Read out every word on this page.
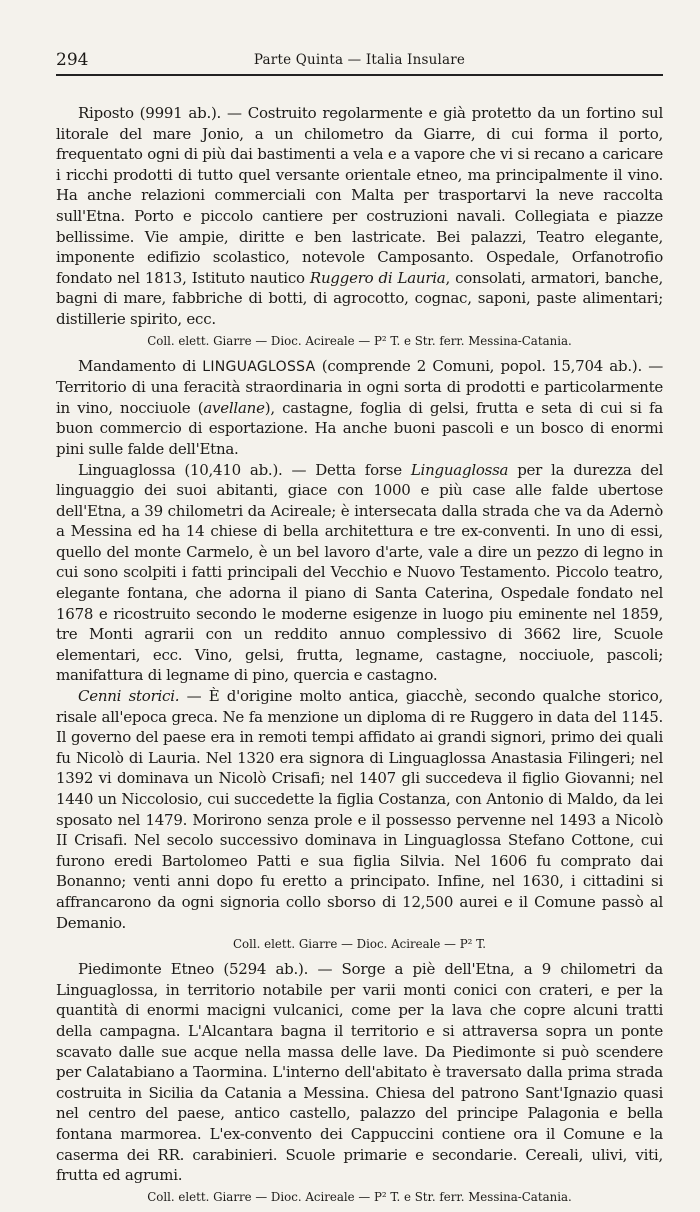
294	Parte Quinta — Italia Insulare

Riposto (9991 ab.). — Costruito regolarmente e già protetto da un fortino sul litorale del mare Jonio, a un chilometro da Giarre, di cui forma il porto, frequentato ogni di più dai bastimenti a vela e a vapore che vi si recano a caricare i ricchi prodotti di tutto quel versante orientale etneo, ma principalmente il vino. Ha anche relazioni commerciali con Malta per trasportarvi la neve raccolta sull'Etna. Porto e piccolo cantiere per costruzioni navali. Collegiata e piazze bellissime. Vie ampie, diritte e ben lastricate. Bei palazzi, Teatro elegante, imponente edifizio scolastico, notevole Camposanto. Ospedale, Orfanotrofio fondato nel 1813, Istituto nautico Ruggero di Lauria, consolati, armatori, banche, bagni di mare, fabbriche di botti, di agrocotto, cognac, saponi, paste alimentari; distillerie spirito, ecc.

Coll. elett. Giarre — Dioc. Acireale — P² T. e Str. ferr. Messina-Catania.

Mandamento di LINGUAGLOSSA (comprende 2 Comuni, popol. 15,704 ab.). — Territorio di una feracità straordinaria in ogni sorta di prodotti e particolarmente in vino, nocciuole (avellane), castagne, foglia di gelsi, frutta e seta di cui si fa buon commercio di esportazione. Ha anche buoni pascoli e un bosco di enormi pini sulle falde dell'Etna.

Linguaglossa (10,410 ab.). — Detta forse Linguaglossa per la durezza del linguaggio dei suoi abitanti, giace con 1000 e più case alle falde ubertose dell'Etna, a 39 chilometri da Acireale; è intersecata dalla strada che va da Adernò a Messina ed ha 14 chiese di bella architettura e tre ex-conventi. In uno di essi, quello del monte Carmelo, è un bel lavoro d'arte, vale a dire un pezzo di legno in cui sono scolpiti i fatti principali del Vecchio e Nuovo Testamento. Piccolo teatro, elegante fontana, che adorna il piano di Santa Caterina, Ospedale fondato nel 1678 e ricostruito secondo le moderne esigenze in luogo piu eminente nel 1859, tre Monti agrarii con un reddito annuo complessivo di 3662 lire, Scuole elementari, ecc. Vino, gelsi, frutta, legname, castagne, nocciuole, pascoli; manifattura di legname di pino, quercia e castagno.

Cenni storici. — È d'origine molto antica, giacchè, secondo qualche storico, risale all'epoca greca. Ne fa menzione un diploma di re Ruggero in data del 1145. Il governo del paese era in remoti tempi affidato ai grandi signori, primo dei quali fu Nicolò di Lauria. Nel 1320 era signora di Linguaglossa Anastasia Filingeri; nel 1392 vi dominava un Nicolò Crisafi; nel 1407 gli succedeva il figlio Giovanni; nel 1440 un Niccolosio, cui succedette la figlia Costanza, con Antonio di Maldo, da lei sposato nel 1479. Morirono senza prole e il possesso pervenne nel 1493 a Nicolò II Crisafi. Nel secolo successivo dominava in Linguaglossa Stefano Cottone, cui furono eredi Bartolomeo Patti e sua figlia Silvia. Nel 1606 fu comprato dai Bonanno; venti anni dopo fu eretto a principato. Infine, nel 1630, i cittadini si affrancarono da ogni signoria collo sborso di 12,500 aurei e il Comune passò al Demanio.

Coll. elett. Giarre — Dioc. Acireale — P² T.

Piedimonte Etneo (5294 ab.). — Sorge a piè dell'Etna, a 9 chilometri da Linguaglossa, in territorio notabile per varii monti conici con crateri, e per la quantità di enormi macigni vulcanici, come per la lava che copre alcuni tratti della campagna. L'Alcantara bagna il territorio e si attraversa sopra un ponte scavato dalle sue acque nella massa delle lave. Da Piedimonte si può scendere per Calatabiano a Taormina. L'interno dell'abitato è traversato dalla prima strada costruita in Sicilia da Catania a Messina. Chiesa del patrono Sant'Ignazio quasi nel centro del paese, antico castello, palazzo del principe Palagonia e bella fontana marmorea. L'ex-convento dei Cappuccini contiene ora il Comune e la caserma dei RR. carabinieri. Scuole primarie e secondarie. Cereali, ulivi, viti, frutta ed agrumi.

Coll. elett. Giarre — Dioc. Acireale — P² T. e Str. ferr. Messina-Catania.
